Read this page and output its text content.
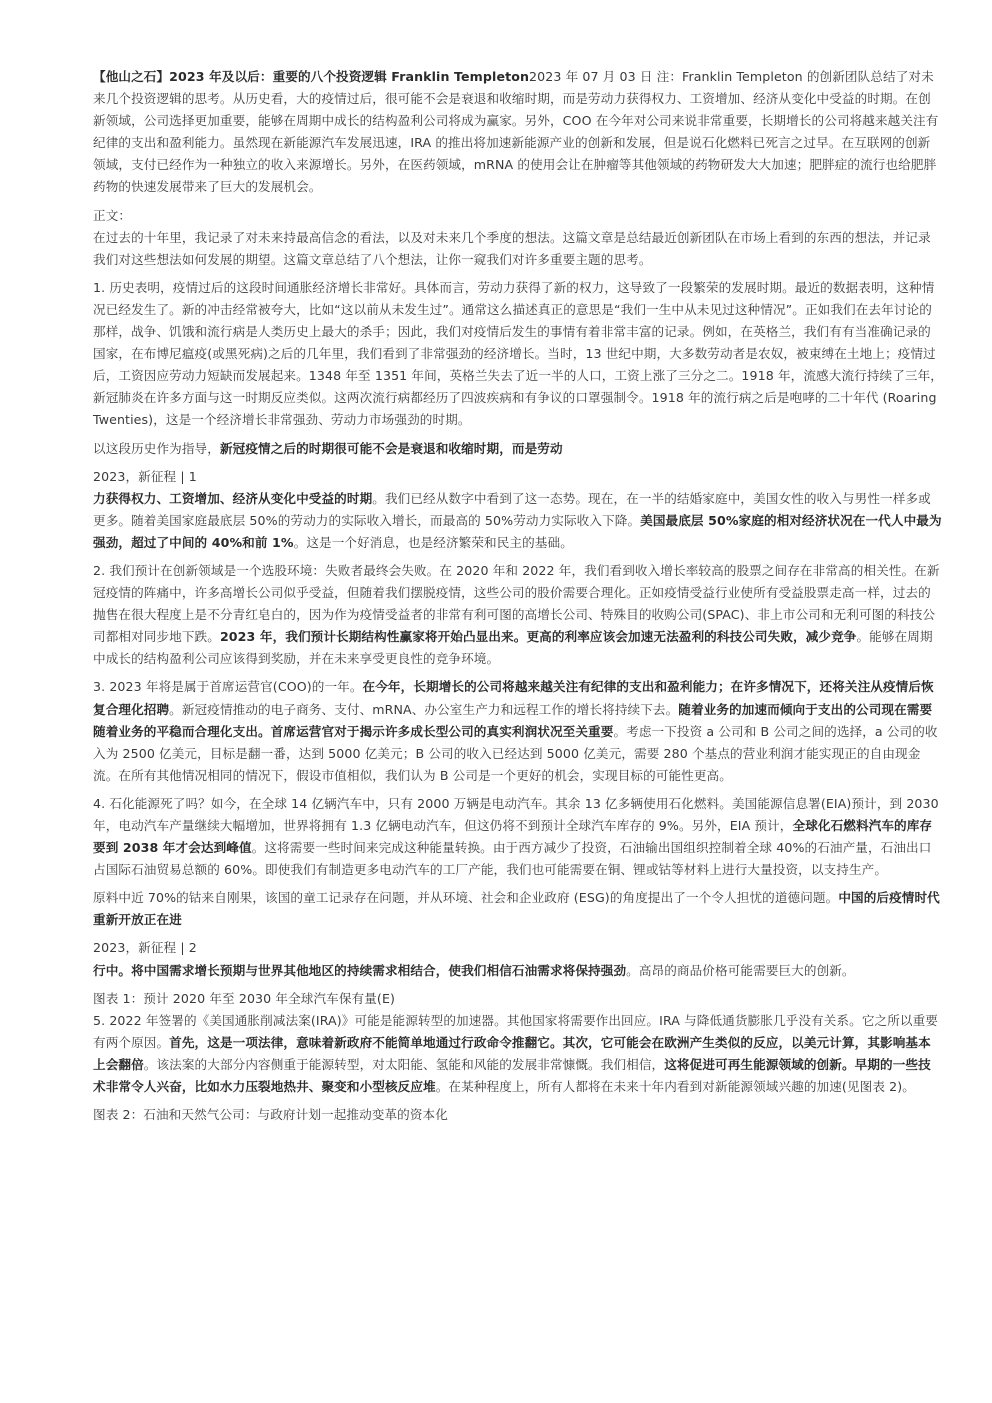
【他山之石】2023 年及以后：重要的八个投资逻辑 Franklin Templeton2023 年 07 月 03 日 注：Franklin Templeton 的创新团队总结了对未来几个投资逻辑的思考。从历史看，大的疫情过后，很可能不会是衰退和收缩时期，而是劳动力获得权力、工资增加、经济从变化中受益的时期。在创新领域，公司选择更加重要，能够在周期中成长的结构盈利公司将成为赢家。另外，COO 在今年对公司来说非常重要，长期增长的公司将越来越关注有纪律的支出和盈利能力。虽然现在新能源汽车发展迅速，IRA 的推出将加速新能源产业的创新和发展，但是说石化燃料已死言之过早。在互联网的创新领域，支付已经作为一种独立的收入来源增长。另外，在医药领域，mRNA 的使用会让在肿瘤等其他领域的药物研发大大加速；肥胖症的流行也给肥胖药物的快速发展带来了巨大的发展机会。

正文：

在过去的十年里，我记录了对未来持最高信念的看法，以及对未来几个季度的想法。这篇文章是总结最近创新团队在市场上看到的东西的想法，并记录我们对这些想法如何发展的期望。这篇文章总结了八个想法，让你一窥我们对许多重要主题的思考。

1. 历史表明，疫情过后的这段时间通胀经济增长非常好。具体而言，劳动力获得了新的权力，这导致了一段繁荣的发展时期。最近的数据表明，这种情况已经发生了。新的冲击经常被夸大，比如“这以前从未发生过”。通常这么描述真正的意思是“我们一生中从未见过这种情况”。正如我们在去年讨论的那样，战争、饥饿和流行病是人类历史上最大的杀手；因此，我们对疫情后发生的事情有着非常丰富的记录。例如，在英格兰，我们有有当准确记录的国家，在布博尼瘟疫(或黑死病)之后的几年里，我们看到了非常强劲的经济增长。当时，13 世纪中期，大多数劳动者是农奴，被束缚在土地上；疫情过后，工资因应劳动力短缺而发展起来。1348 年至 1351 年间，英格兰失去了近一半的人口，工资上涨了三分之二。1918 年，流感大流行持续了三年，新冠肺炎在许多方面与这一时期反应类似。这两次流行病都经历了四波疾病和有争议的口罩强制令。1918 年的流行病之后是咆哮的二十年代 (Roaring Twenties)，这是一个经济增长非常强劲、劳动力市场强劲的时期。

以这段历史作为指导，新冠疫情之后的时期很可能不会是衰退和收缩时期，而是劳动

2023，新征程 | 1

力获得权力、工资增加、经济从变化中受益的时期。我们已经从数字中看到了这一态势。现在，在一半的结婚家庭中，美国女性的收入与男性一样多或更多。随着美国家庭最底层 50%的劳动力的实际收入增长，而最高的 50%劳动力实际收入下降。美国最底层 50%家庭的相对经济状况在一代人中最为强劲，超过了中间的 40%和前 1%。这是一个好消息，也是经济繁荣和民主的基础。

2. 我们预计在创新领域是一个选股环境：失败者最终会失败。在 2020 年和 2022 年，我们看到收入增长率较高的股票之间存在非常高的相关性。在新冠疫情的阵痛中，许多高增长公司似乎受益，但随着我们摆脱疫情，这些公司的股价需要合理化。正如疫情受益行业使所有受益股票走高一样，过去的抛售在很大程度上是不分青红皂白的，因为作为疫情受益者的非常有利可图的高增长公司、特殊目的收购公司(SPAC)、非上市公司和无利可图的科技公司都相对同步地下跌。2023 年，我们预计长期结构性赢家将开始凸显出来。更高的利率应该会加速无法盈利的科技公司失败，减少竞争。能够在周期中成长的结构盈利公司应该得到奖励，并在未来享受更良性的竞争环境。

3. 2023 年将是属于首席运营官(COO)的一年。在今年，长期增长的公司将越来越关注有纪律的支出和盈利能力；在许多情况下，还将关注从疫情后恢复合理化招聘。新冠疫情推动的电子商务、支付、mRNA、办公室生产力和远程工作的增长将持续下去。随着业务的加速而倾向于支出的公司现在需要随着业务的平稳而合理化支出。首席运营官对于揭示许多成长型公司的真实利润状况至关重要。考虑一下投资 a 公司和 B 公司之间的选择，a 公司的收入为 2500 亿美元，目标是翻一番，达到 5000 亿美元；B 公司的收入已经达到 5000 亿美元，需要 280 个基点的营业利润才能实现正的自由现金流。在所有其他情况相同的情况下，假设市值相似，我们认为 B 公司是一个更好的机会，实现目标的可能性更高。

4. 石化能源死了吗？如今，在全球 14 亿辆汽车中，只有 2000 万辆是电动汽车。其余 13 亿多辆使用石化燃料。美国能源信息署(EIA)预计，到 2030 年，电动汽车产量继续大幅增加，世界将拥有 1.3 亿辆电动汽车，但这仍将不到预计全球汽车库存的 9%。另外，EIA 预计，全球化石燃料汽车的库存要到 2038 年才会达到峰值。这将需要一些时间来完成这种能量转换。由于西方减少了投资，石油输出国组织控制着全球 40%的石油产量，石油出口占国际石油贸易总额的 60%。即使我们有制造更多电动汽车的工厂产能，我们也可能需要在铜、锂或钴等材料上进行大量投资，以支持生产。

原料中近 70%的钴来自刚果，该国的童工记录存在问题，并从环境、社会和企业政府 (ESG)的角度提出了一个令人担忧的道德问题。中国的后疫情时代重新开放正在进

2023，新征程 | 2

行中。将中国需求增长预期与世界其他地区的持续需求相结合，使我们相信石油需求将保持强劲。高昂的商品价格可能需要巨大的创新。

图表 1：预计 2020 年至 2030 年全球汽车保有量(E)

5. 2022 年签署的《美国通胀削减法案(IRA)》可能是能源转型的加速器。其他国家将需要作出回应。IRA 与降低通货膨胀几乎没有关系。它之所以重要有两个原因。首先，这是一项法律，意味着新政府不能简单地通过行政命令推翻它。其次，它可能会在欧洲产生类似的反应，以美元计算，其影响基本上会翻倍。该法案的大部分内容侧重于能源转型，对太阳能、氢能和风能的发展非常慷慨。我们相信，这将促进可再生能源领域的创新。早期的一些技术非常令人兴奋，比如水力压裂地热井、聚变和小型核反应堆。在某种程度上，所有人都将在未来十年内看到对新能源领域兴趣的加速(见图表 2)。

图表 2：石油和天然气公司：与政府计划一起推动变革的资本化
